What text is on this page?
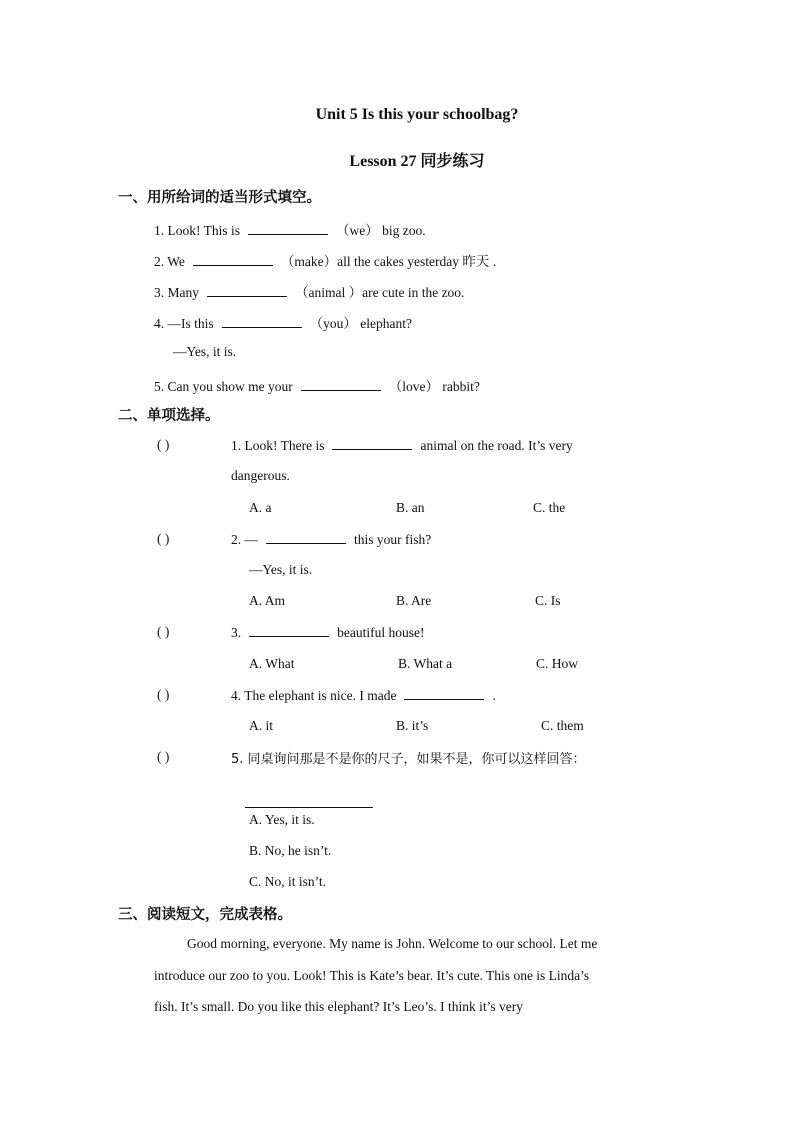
Unit 5 Is this your schoolbag?
Lesson 27 同步练习
一、用所给词的适当形式填空。
1. Look! This is	（we） big zoo.
2. We	（make）all the cakes yesterday 昨天 .
3. Many	（animal ）are cute in the zoo.
4. —Is this	（you） elephant?
—Yes, it is.
5. Can you show me your	（love） rabbit?
二、单项选择。
( )	1. Look! There is	animal on the road. It’s very
dangerous.
A. a	B. an	C. the
( )	2. —	this your fish?
—Yes, it is.
A. Am	B. Are	C. Is
( )	3.	beautiful house!
A. What	B. What a	C. How
( )	4. The elephant is nice. I made	.
A. it	B. it’s	C. them
( )	5. 同桌询问那是不是你的尺子，如果不是，你可以这样回答：
A. Yes, it is.
B. No, he isn’t.
C. No, it isn’t.
三、阅读短文，完成表格。
Good morning, everyone. My name is John. Welcome to our school. Let me
introduce our zoo to you. Look! This is Kate’s bear. It’s cute. This one is Linda’s
fish. It’s small. Do you like this elephant? It’s Leo’s. I think it’s very
